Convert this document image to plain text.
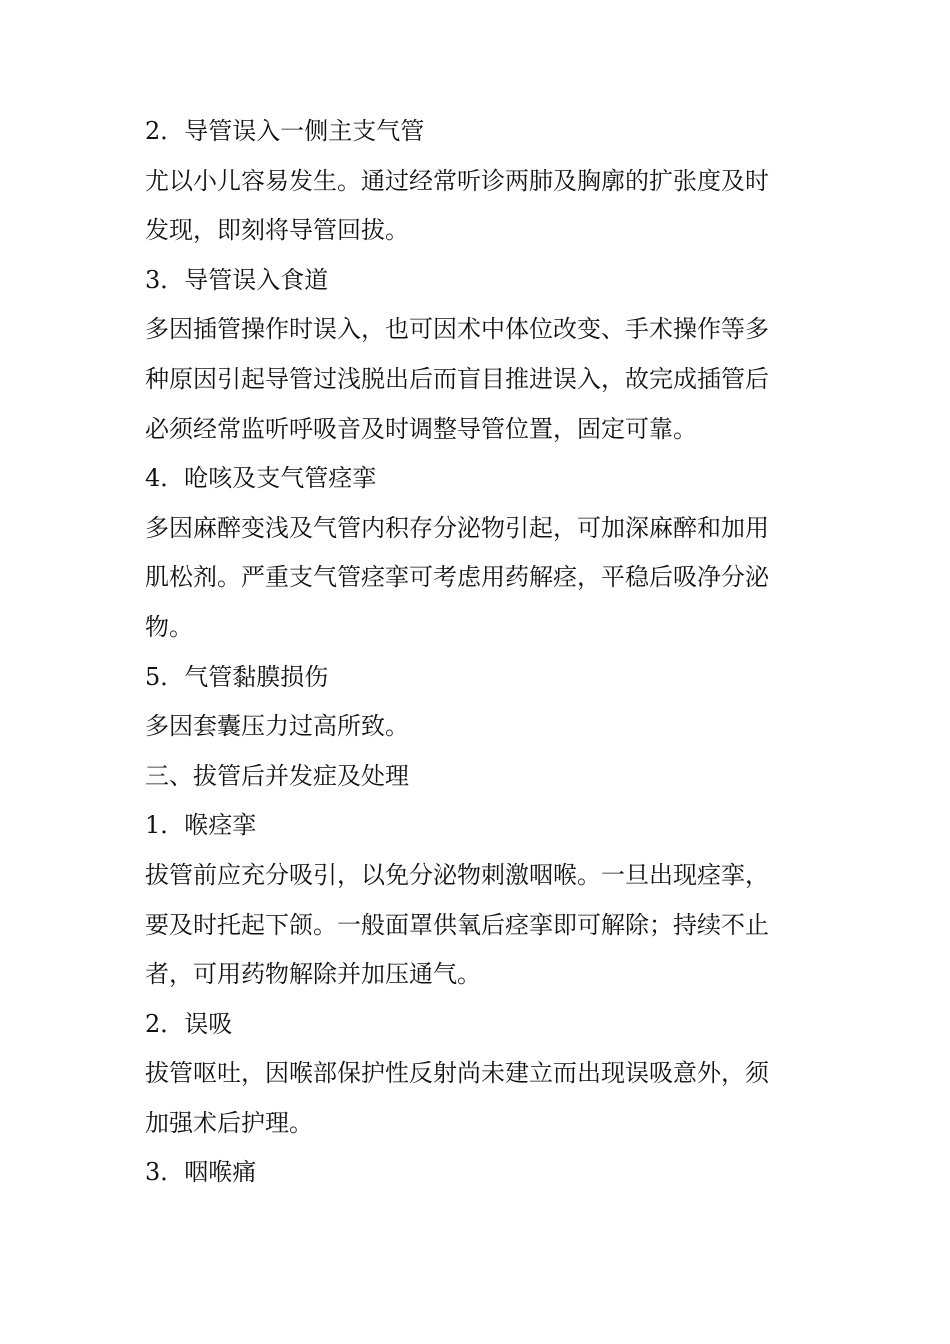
2．导管误入一侧主支气管
尤以小儿容易发生。通过经常听诊两肺及胸廓的扩张度及时
发现，即刻将导管回拔。
3．导管误入食道
多因插管操作时误入，也可因术中体位改变、手术操作等多
种原因引起导管过浅脱出后而盲目推进误入，故完成插管后
必须经常监听呼吸音及时调整导管位置，固定可靠。
4．呛咳及支气管痉挛
多因麻醉变浅及气管内积存分泌物引起，可加深麻醉和加用
肌松剂。严重支气管痉挛可考虑用药解痉，平稳后吸净分泌
物。
5．气管黏膜损伤
多因套囊压力过高所致。
三、拔管后并发症及处理
1．喉痉挛
拔管前应充分吸引，以免分泌物刺激咽喉。一旦出现痉挛，
要及时托起下颌。一般面罩供氧后痉挛即可解除；持续不止
者，可用药物解除并加压通气。
2．误吸
拔管呕吐，因喉部保护性反射尚未建立而出现误吸意外，须
加强术后护理。
3．咽喉痛
